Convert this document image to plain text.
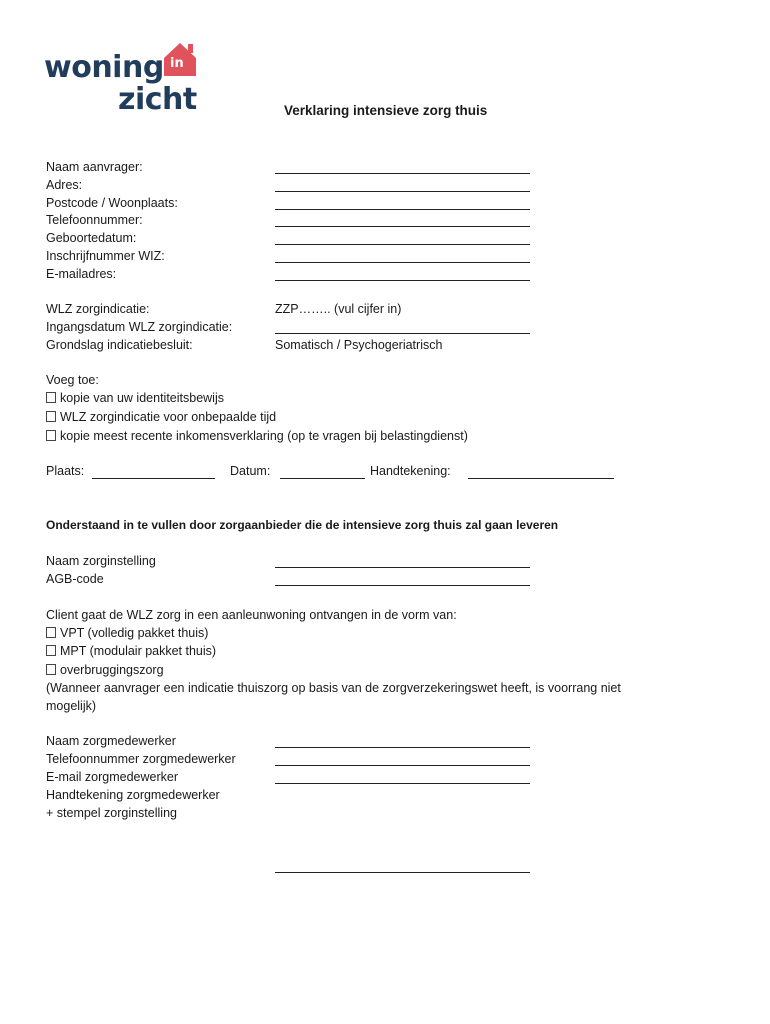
woning in
zicht	Verklaring intensieve zorg thuis
Naam aanvrager:
Adres:
Postcode / Woonplaats:
Telefoonnummer:
Geboortedatum:
Inschrijfnummer WIZ:
E-mailadres:
WLZ zorgindicatie:	ZZP…….. (vul cijfer in)
Ingangsdatum WLZ zorgindicatie:
Grondslag indicatiebesluit:	Somatisch / Psychogeriatrisch
Voeg toe:
kopie van uw identiteitsbewijs
WLZ zorgindicatie voor onbepaalde tijd
kopie meest recente inkomensverklaring (op te vragen bij belastingdienst)
Plaats:	Datum:	Handtekening:
Onderstaand in te vullen door zorgaanbieder die de intensieve zorg thuis zal gaan leveren
Naam zorginstelling
AGB-code
Client gaat de WLZ zorg in een aanleunwoning ontvangen in de vorm van:
VPT (volledig pakket thuis)
MPT (modulair pakket thuis)
overbruggingszorg
(Wanneer aanvrager een indicatie thuiszorg op basis van de zorgverzekeringswet heeft, is voorrang niet
mogelijk)
Naam zorgmedewerker
Telefoonnummer zorgmedewerker
E-mail zorgmedewerker
Handtekening zorgmedewerker
+ stempel zorginstelling
